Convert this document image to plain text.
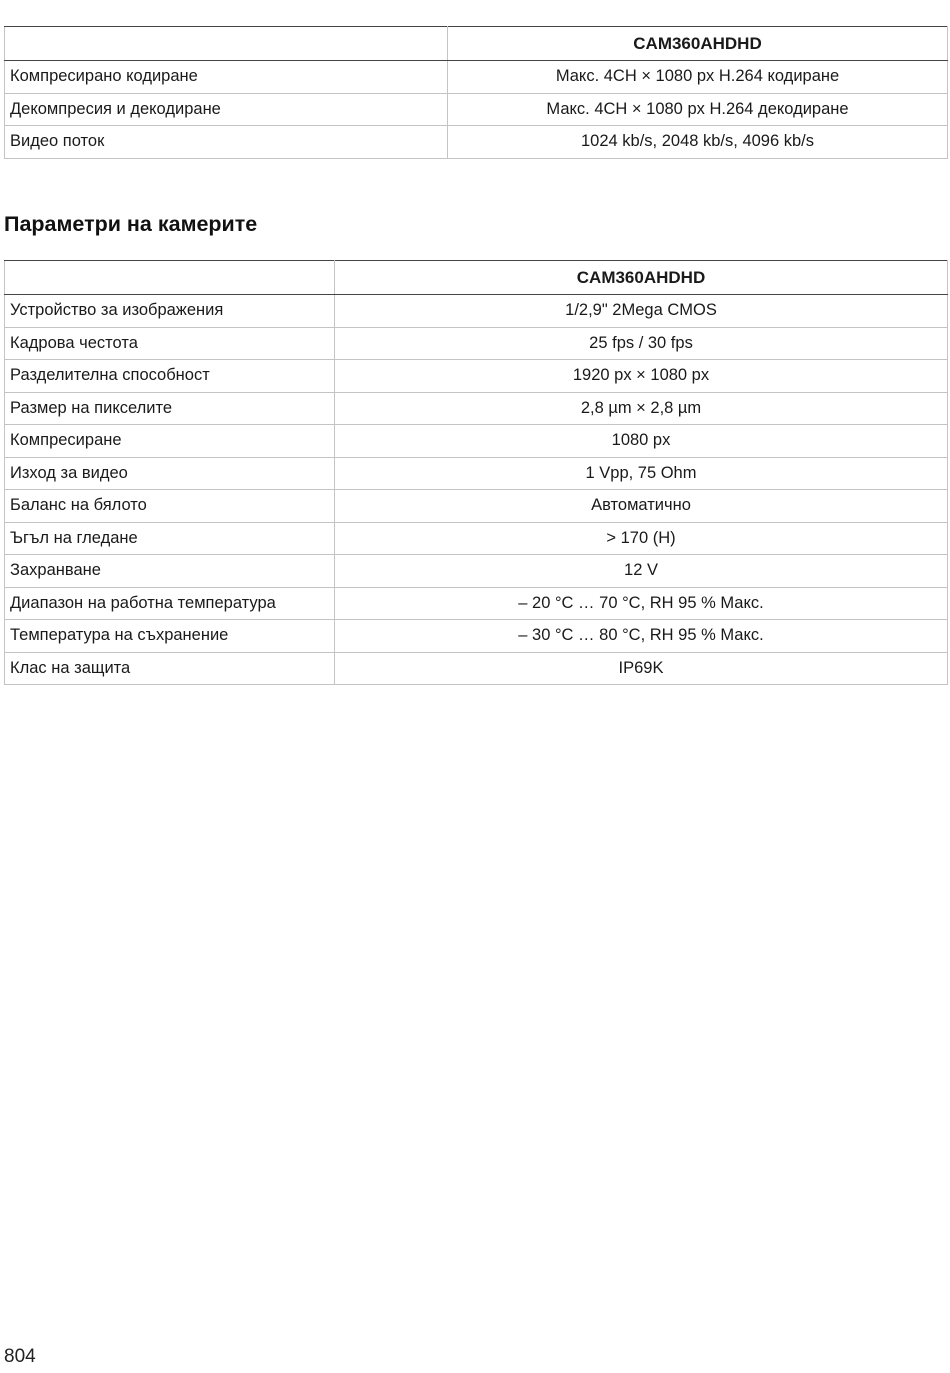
	CAM360AHDHD
Компресирано кодиране	Макс. 4CH × 1080 px H.264 кодиране
Декомпресия и декодиране	Макс. 4CH × 1080 px H.264 декодиране
Видео поток	1024 kb/s, 2048 kb/s, 4096 kb/s
Параметри на камерите
	CAM360AHDHD
Устройство за изображения	1/2,9" 2Mega CMOS
Кадрова честота	25 fps / 30 fps
Разделителна способност	1920 px × 1080 px
Размер на пикселите	2,8 µm × 2,8 µm
Компресиране	1080 px
Изход за видео	1 Vpp, 75 Ohm
Баланс на бялото	Автоматично
Ъгъл на гледане	> 170 (H)
Захранване	12 V
Диапазон на работна температура	– 20 °C … 70 °C, RH 95 % Макс.
Температура на съхранение	– 30 °C … 80 °C, RH 95 % Макс.
Клас на защита	IP69K
804
